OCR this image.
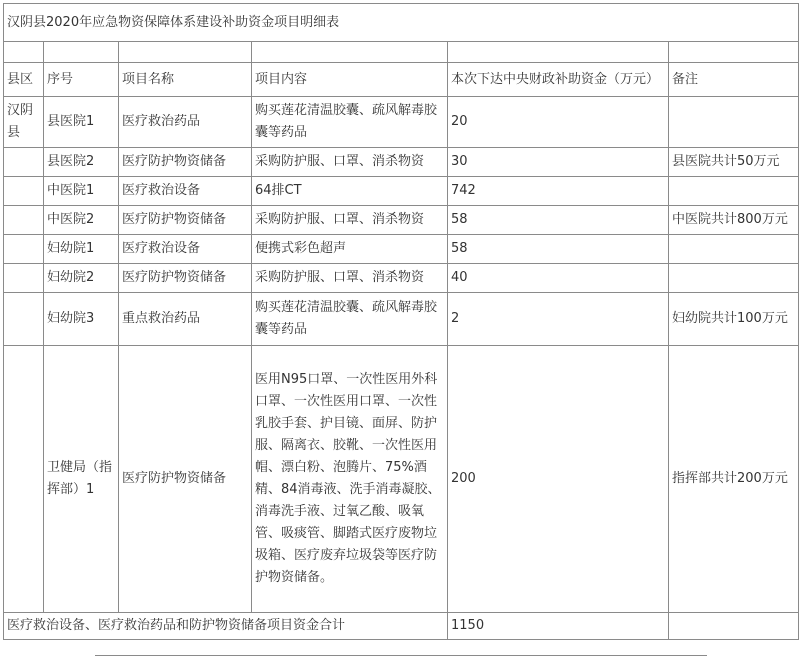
汉阴县2020年应急物资保障体系建设补助资金项目明细表					

县区	序号	项目名称	项目内容	本次下达中央财政补助资金（万元）	备注
汉阴县	县医院1	医疗救治药品	购买莲花清温胶囊、疏风解毒胶囊等药品	20	
	县医院2	医疗防护物资储备	采购防护服、口罩、消杀物资	30	县医院共计50万元
	中医院1	医疗救治设备	64排CT	742	
	中医院2	医疗防护物资储备	采购防护服、口罩、消杀物资	58	中医院共计800万元
	妇幼院1	医疗救治设备	便携式彩色超声	58	
	妇幼院2	医疗防护物资储备	采购防护服、口罩、消杀物资	40	
	妇幼院3	重点救治药品	购买莲花清温胶囊、疏风解毒胶囊等药品	2	妇幼院共计100万元
	卫健局（指挥部）1	医疗防护物资储备	医用N95口罩、一次性医用外科口罩、一次性医用口罩、一次性乳胶手套、护目镜、面屏、防护服、隔离衣、胶靴、一次性医用帽、漂白粉、泡腾片、75%酒精、84消毒液、洗手消毒凝胶、消毒洗手液、过氧乙酸、吸氧管、吸痰管、脚踏式医疗废物垃圾箱、医疗废弃垃圾袋等医疗防护物资储备。	200	指挥部共计200万元
医疗救治设备、医疗救治药品和防护物资储备项目资金合计				1150	
